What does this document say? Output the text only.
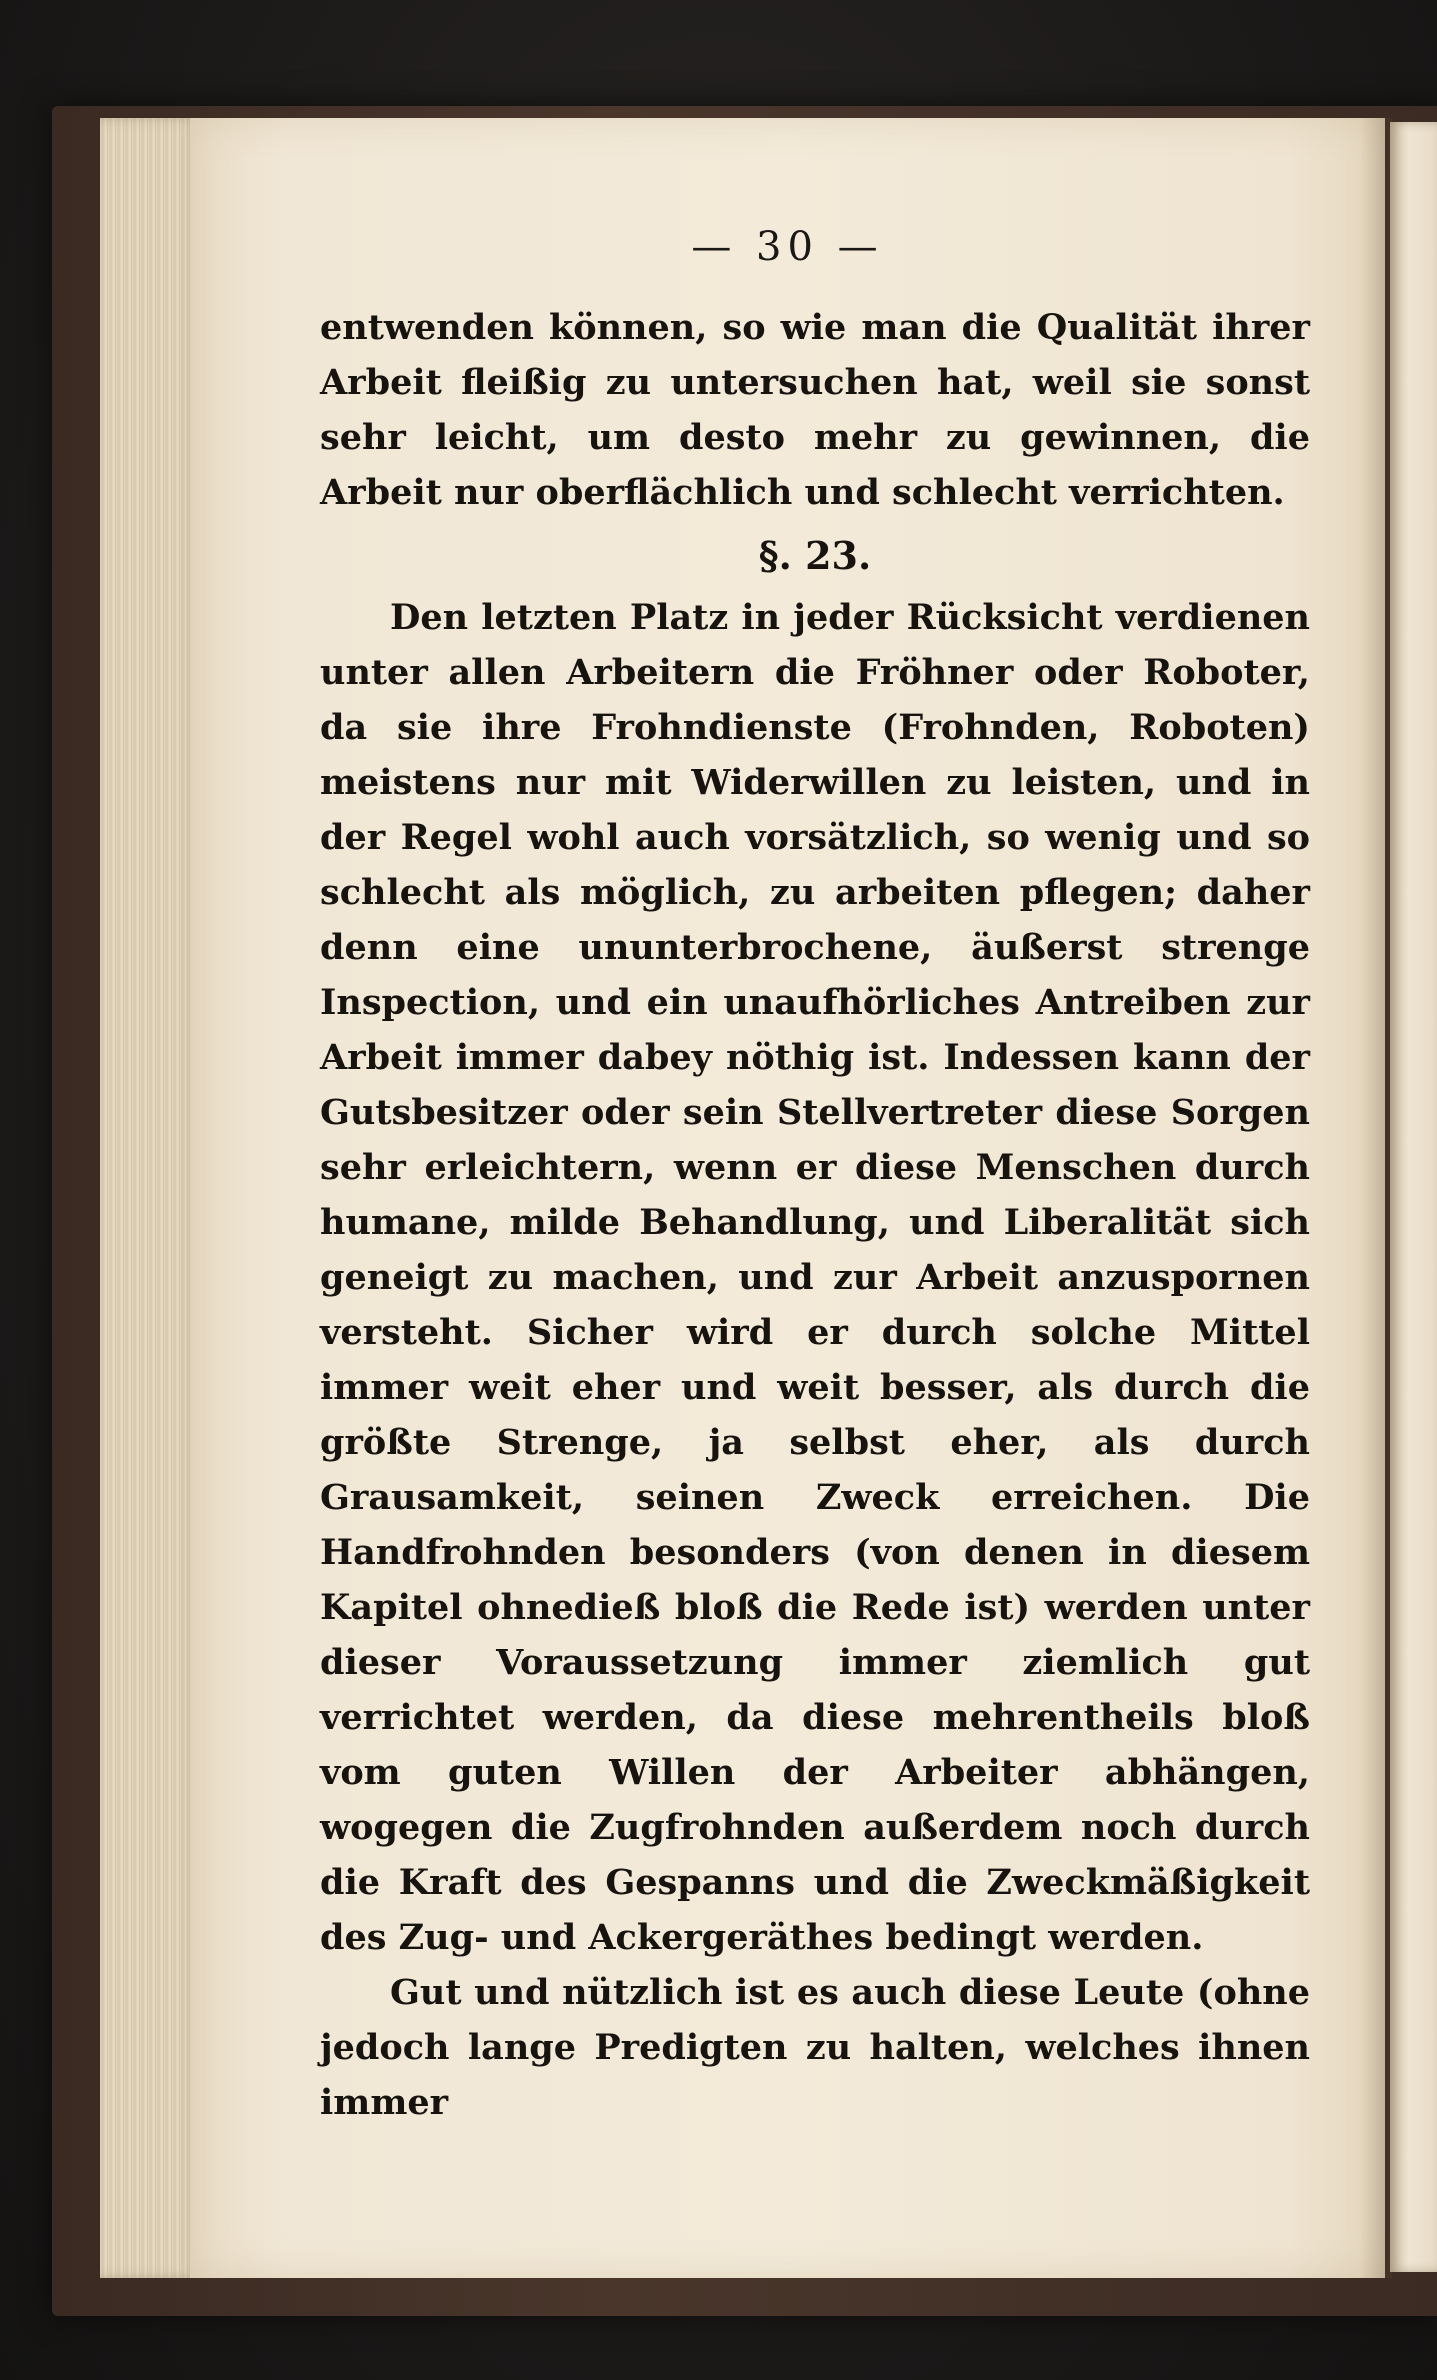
— 30 —

entwenden können, so wie man die Qualität ihrer Arbeit fleißig zu untersuchen hat, weil sie sonst sehr leicht, um desto mehr zu gewinnen, die Arbeit nur oberflächlich und schlecht verrichten.

§. 23.

Den letzten Platz in jeder Rücksicht verdienen unter allen Arbeitern die Fröhner oder Roboter, da sie ihre Frohndienste (Frohnden, Roboten) meistens nur mit Widerwillen zu leisten, und in der Regel wohl auch vorsätzlich, so wenig und so schlecht als möglich, zu arbeiten pflegen; daher denn eine ununterbrochene, äußerst strenge Inspection, und ein unaufhörliches Antreiben zur Arbeit immer dabey nöthig ist. Indessen kann der Gutsbesitzer oder sein Stellvertreter diese Sorgen sehr erleichtern, wenn er diese Menschen durch humane, milde Behandlung, und Liberalität sich geneigt zu machen, und zur Arbeit anzuspornen versteht. Sicher wird er durch solche Mittel immer weit eher und weit besser, als durch die größte Strenge, ja selbst eher, als durch Grausamkeit, seinen Zweck erreichen. Die Handfrohnden besonders (von denen in diesem Kapitel ohnedieß bloß die Rede ist) werden unter dieser Voraussetzung immer ziemlich gut verrichtet werden, da diese mehrentheils bloß vom guten Willen der Arbeiter abhängen, wogegen die Zugfrohnden außerdem noch durch die Kraft des Gespanns und die Zweckmäßigkeit des Zug- und Ackergeräthes bedingt werden.

Gut und nützlich ist es auch diese Leute (ohne jedoch lange Predigten zu halten, welches ihnen immer
